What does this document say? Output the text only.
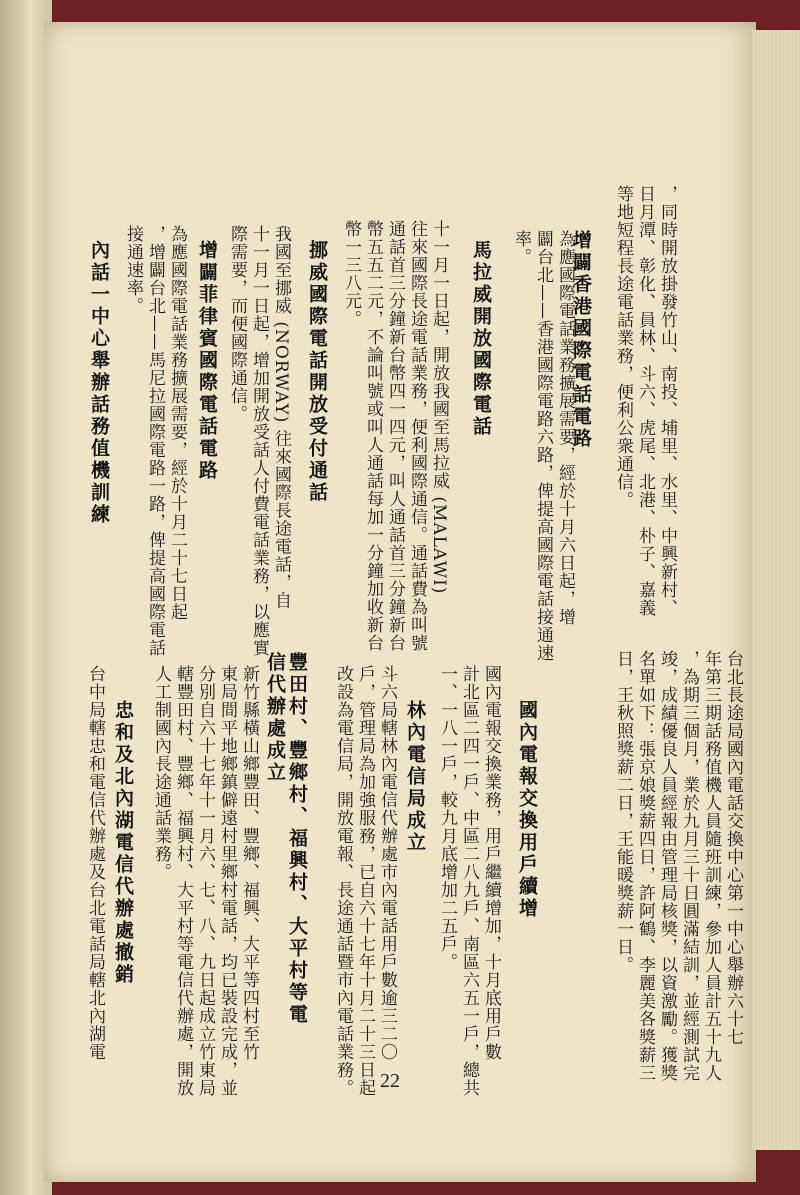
，同時開放掛發竹山、南投、埔里、水里、中興新村、
日月潭、彰化、員林、斗六、虎尾、北港、朴子、嘉義
等地短程長途電話業務，便利公衆通信。

增闢香港國際電話電路

為應國際電話業務擴展需要，經於十月六日起，增
闢台北——香港國際電路六路，俾提高國際電話接通速
率。

馬拉威開放國際電話

十一月一日起，開放我國至馬拉威 (MALAWI)
往來國際長途電話業務，便利國際通信。通話費為叫號
通話首三分鐘新台幣四一四元，叫人通話首三分鐘新台
幣五五二元，不論叫號或叫人通話每加一分鐘加收新台
幣一三八元。

挪威國際電話開放受付通話

我國至挪威 (NORWAY) 往來國際長途電話，自
十一月一日起，增加開放受話人付費電話業務，以應實
際需要，而便國際通信。

增闢菲律賓國際電話電路

為應國際電話業務擴展需要，經於十月二十七日起
，增闢台北——馬尼拉國際電路一路，俾提高國際電話
接通速率。

內話一中心舉辦話務值機訓練

台北長途局國內電話交換中心第一中心舉辦六十七
年第三期話務值機人員隨班訓練，參加人員計五十九人
，為期三個月，業於九月三十日圓滿結訓，並經測試完
竣，成績優良人員經報由管理局核獎，以資激勵。獲獎
名單如下：張京娘獎薪四日，許阿鶴、李麗美各獎薪三
日，王秋照獎薪二日，王能暖獎薪一日。

國內電報交換用戶續增

國內電報交換業務，用戶繼續增加，十月底用戶數
計北區二四一戶、中區二八九戶、南區六五一戶，總共
一、一八一戶，較九月底增加二五戶。

林內電信局成立

斗六局轄林內電信代辦處市內電話用戶數逾三二〇
戶，管理局為加強服務，已自六十七年十月二十三日起
改設為電信局，開放電報、長途通話暨市內電話業務。

豐田村、豐鄉村、福興村、大平村等電
信代辦處成立

新竹縣橫山鄉豐田、豐鄉、福興、大平等四村至竹
東局間平地鄉鎮僻遠村里鄉村電話，均已裝設完成，並
分別自六十七年十一月六、七、八、九日起成立竹東局
轄豐田村、豐鄉、福興村、大平村等電信代辦處，開放
人工制國內長途通話業務。

忠和及北內湖電信代辦處撤銷

台中局轄忠和電信代辦處及台北電話局轄北內湖電

22
